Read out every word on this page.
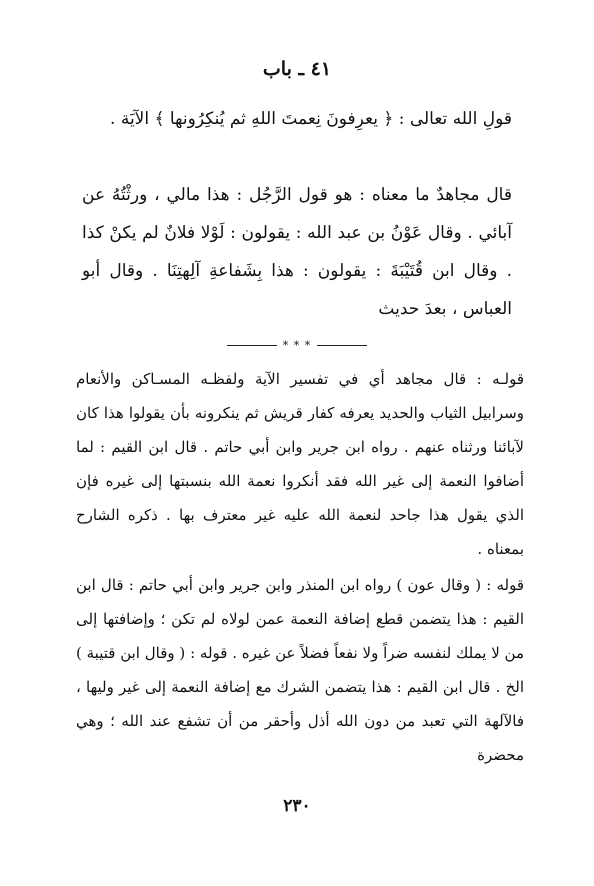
٤١ ـ باب

قولِ الله تعالى : ﴿ يعرِفونَ نِعمتَ اللهِ ثم يُنكِرُونها ﴾ الآيَة .

قال مجاهدٌ ما معناه : هو قول الرَّجُل : هذا مالي ، ورثْتُهُ عن آبائي . وقال عَوْنُ بن عبد الله : يقولون : لَوْلا فلانٌ لم يكنْ كذا . وقال ابن قُتَيْبَةَ : يقولون : هذا بِشَفاعةِ آلِهتِنَا . وقال أبو العباس ، بعدَ حديث

* * *

قولـه : قال مجاهد أي في تفسير الآية ولفظـه المسـاكن والأنعام وسرابيل الثياب والحديد يعرفه كفار قريش ثم ينكرونه بأن يقولوا هذا كان لآبائنا ورثناه عنهم . رواه ابن جرير وابن أبي حاتم . قال ابن القيم : لما أضافوا النعمة إلى غير الله فقد أنكروا نعمة الله بنسبتها إلى غيره فإن الذي يقول هذا جاحد لنعمة الله عليه غير معترف بها . ذكره الشارح بمعناه .

قوله : ( وقال عون ) رواه ابن المنذر وابن جرير وابن أبي حاتم : قال ابن القيم : هذا يتضمن قطع إضافة النعمة عمن لولاه لم تكن ؛ وإضافتها إلى من لا يملك لنفسه ضراً ولا نفعاً فضلاً عن غيره . قوله : ( وقال ابن قتيبة ) الخ . قال ابن القيم : هذا يتضمن الشرك مع إضافة النعمة إلى غير وليها ، فالآلهة التي تعبد من دون الله أذل وأحقر من أن تشفع عند الله ؛ وهي محضرة

٢٣٠
